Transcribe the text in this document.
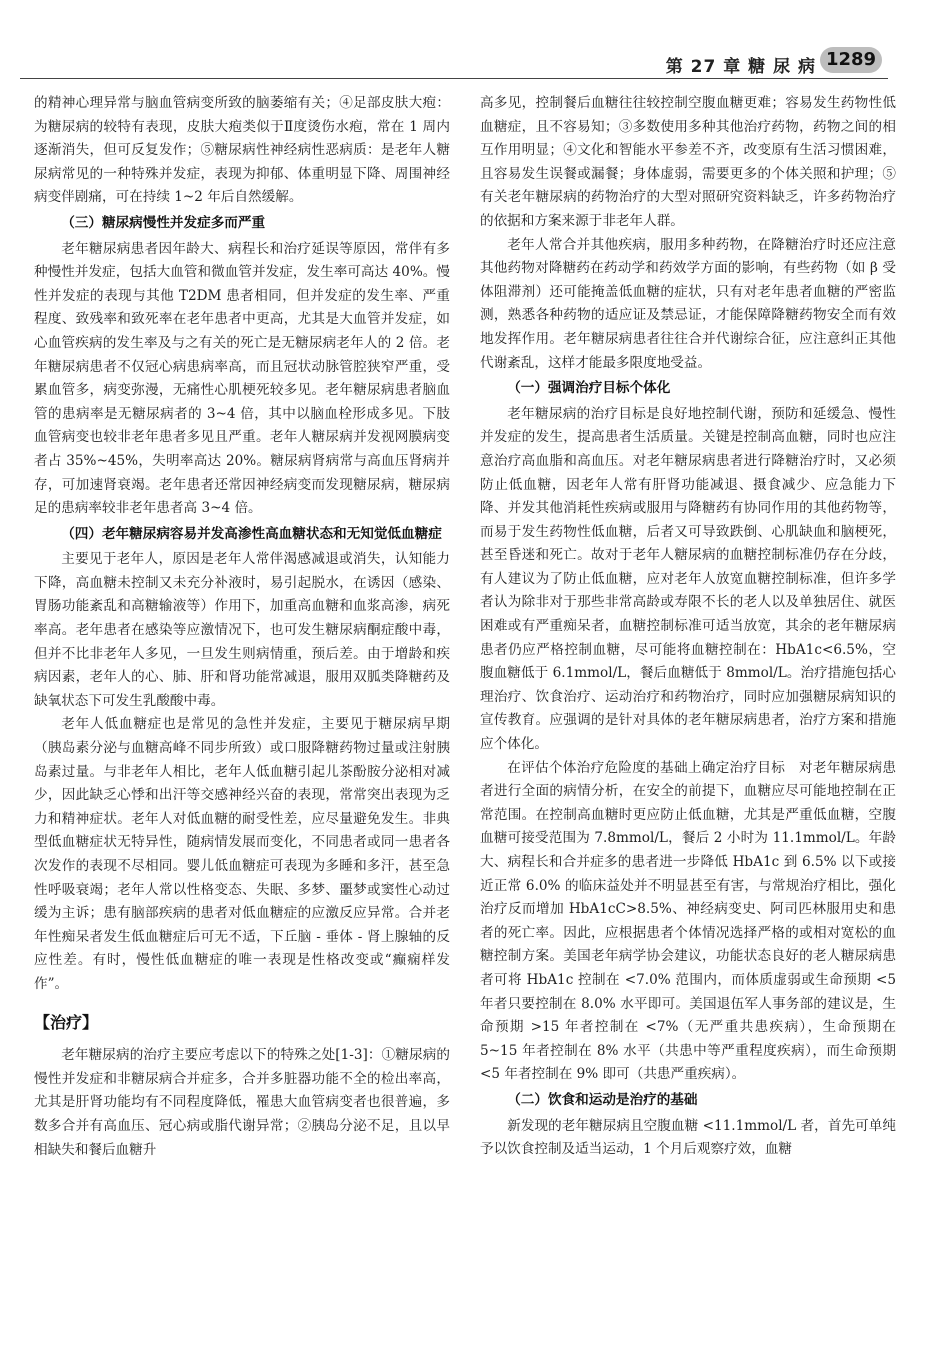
第 27 章 糖 尿 病 1289

的精神心理异常与脑血管病变所致的脑萎缩有关；④足部皮肤大疱：为糖尿病的较特有表现，皮肤大疱类似于Ⅱ度烫伤水疱，常在 1 周内逐渐消失，但可反复发作；⑤糖尿病性神经病性恶病质：是老年人糖尿病常见的一种特殊并发症，表现为抑郁、体重明显下降、周围神经病变伴剧痛，可在持续 1~2 年后自然缓解。

（三）糖尿病慢性并发症多而严重

老年糖尿病患者因年龄大、病程长和治疗延误等原因，常伴有多种慢性并发症，包括大血管和微血管并发症，发生率可高达 40%。慢性并发症的表现与其他 T2DM 患者相同，但并发症的发生率、严重程度、致残率和致死率在老年患者中更高，尤其是大血管并发症，如心血管疾病的发生率及与之有关的死亡是无糖尿病老年人的 2 倍。老年糖尿病患者不仅冠心病患病率高，而且冠状动脉管腔狭窄严重，受累血管多，病变弥漫，无痛性心肌梗死较多见。老年糖尿病患者脑血管的患病率是无糖尿病者的 3~4 倍，其中以脑血栓形成多见。下肢血管病变也较非老年患者多见且严重。老年人糖尿病并发视网膜病变者占 35%~45%，失明率高达 20%。糖尿病肾病常与高血压肾病并存，可加速肾衰竭。老年患者还常因神经病变而发现糖尿病，糖尿病足的患病率较非老年患者高 3~4 倍。

（四）老年糖尿病容易并发高渗性高血糖状态和无知觉低血糖症

主要见于老年人，原因是老年人常伴渴感减退或消失，认知能力下降，高血糖未控制又未充分补液时，易引起脱水，在诱因（感染、胃肠功能紊乱和高糖输液等）作用下，加重高血糖和血浆高渗，病死率高。老年患者在感染等应激情况下，也可发生糖尿病酮症酸中毒，但并不比非老年人多见，一旦发生则病情重，预后差。由于增龄和疾病因素，老年人的心、肺、肝和肾功能常减退，服用双胍类降糖药及缺氧状态下可发生乳酸酸中毒。

老年人低血糖症也是常见的急性并发症，主要见于糖尿病早期（胰岛素分泌与血糖高峰不同步所致）或口服降糖药物过量或注射胰岛素过量。与非老年人相比，老年人低血糖引起儿茶酚胺分泌相对减少，因此缺乏心悸和出汗等交感神经兴奋的表现，常常突出表现为乏力和精神症状。老年人对低血糖的耐受性差，应尽量避免发生。非典型低血糖症状无特异性，随病情发展而变化，不同患者或同一患者各次发作的表现不尽相同。婴儿低血糖症可表现为多睡和多汗，甚至急性呼吸衰竭；老年人常以性格变态、失眠、多梦、噩梦或窦性心动过缓为主诉；患有脑部疾病的患者对低血糖症的应激反应异常。合并老年性痴呆者发生低血糖症后可无不适，下丘脑 - 垂体 - 肾上腺轴的反应性差。有时，慢性低血糖症的唯一表现是性格改变或“癫痫样发作”。

【治疗】

老年糖尿病的治疗主要应考虑以下的特殊之处[1-3]：①糖尿病的慢性并发症和非糖尿病合并症多，合并多脏器功能不全的检出率高，尤其是肝肾功能均有不同程度降低，罹患大血管病变者也很普遍，多数多合并有高血压、冠心病或脂代谢异常；②胰岛分泌不足，且以早相缺失和餐后血糖升

高多见，控制餐后血糖往往较控制空腹血糖更难；容易发生药物性低血糖症，且不容易知；③多数使用多种其他治疗药物，药物之间的相互作用明显；④文化和智能水平参差不齐，改变原有生活习惯困难，且容易发生误餐或漏餐；身体虚弱，需要更多的个体关照和护理；⑤有关老年糖尿病的药物治疗的大型对照研究资料缺乏，许多药物治疗的依据和方案来源于非老年人群。

老年人常合并其他疾病，服用多种药物，在降糖治疗时还应注意其他药物对降糖药在药动学和药效学方面的影响，有些药物（如 β 受体阻滞剂）还可能掩盖低血糖的症状，只有对老年患者血糖的严密监测，熟悉各种药物的适应证及禁忌证，才能保障降糖药物安全而有效地发挥作用。老年糖尿病患者往往合并代谢综合征，应注意纠正其他代谢紊乱，这样才能最多限度地受益。

（一）强调治疗目标个体化

老年糖尿病的治疗目标是良好地控制代谢，预防和延缓急、慢性并发症的发生，提高患者生活质量。关键是控制高血糖，同时也应注意治疗高血脂和高血压。对老年糖尿病患者进行降糖治疗时，又必须防止低血糖，因老年人常有肝肾功能减退、摄食减少、应急能力下降、并发其他消耗性疾病或服用与降糖药有协同作用的其他药物等，而易于发生药物性低血糖，后者又可导致跌倒、心肌缺血和脑梗死，甚至昏迷和死亡。故对于老年人糖尿病的血糖控制标准仍存在分歧，有人建议为了防止低血糖，应对老年人放宽血糖控制标准，但许多学者认为除非对于那些非常高龄或寿限不长的老人以及单独居住、就医困难或有严重痴呆者，血糖控制标准可适当放宽，其余的老年糖尿病患者仍应严格控制血糖，尽可能将血糖控制在：HbA1c<6.5%，空腹血糖低于 6.1mmol/L，餐后血糖低于 8mmol/L。治疗措施包括心理治疗、饮食治疗、运动治疗和药物治疗，同时应加强糖尿病知识的宣传教育。应强调的是针对具体的老年糖尿病患者，治疗方案和措施应个体化。

在评估个体治疗危险度的基础上确定治疗目标　对老年糖尿病患者进行全面的病情分析，在安全的前提下，血糖应尽可能地控制在正常范围。在控制高血糖时更应防止低血糖，尤其是严重低血糖，空腹血糖可接受范围为 7.8mmol/L，餐后 2 小时为 11.1mmol/L。年龄大、病程长和合并症多的患者进一步降低 HbA1c 到 6.5% 以下或接近正常 6.0% 的临床益处并不明显甚至有害，与常规治疗相比，强化治疗反而增加 HbA1cC>8.5%、神经病变史、阿司匹林服用史和患者的死亡率。因此，应根据患者个体情况选择严格的或相对宽松的血糖控制方案。美国老年病学协会建议，功能状态良好的老人糖尿病患者可将 HbA1c 控制在 <7.0% 范围内，而体质虚弱或生命预期 <5 年者只要控制在 8.0% 水平即可。美国退伍军人事务部的建议是，生命预期 >15 年者控制在 <7%（无严重共患疾病），生命预期在 5~15 年者控制在 8% 水平（共患中等严重程度疾病），而生命预期 <5 年者控制在 9% 即可（共患严重疾病）。

（二）饮食和运动是治疗的基础

新发现的老年糖尿病且空腹血糖 <11.1mmol/L 者，首先可单纯予以饮食控制及适当运动，1 个月后观察疗效，血糖
